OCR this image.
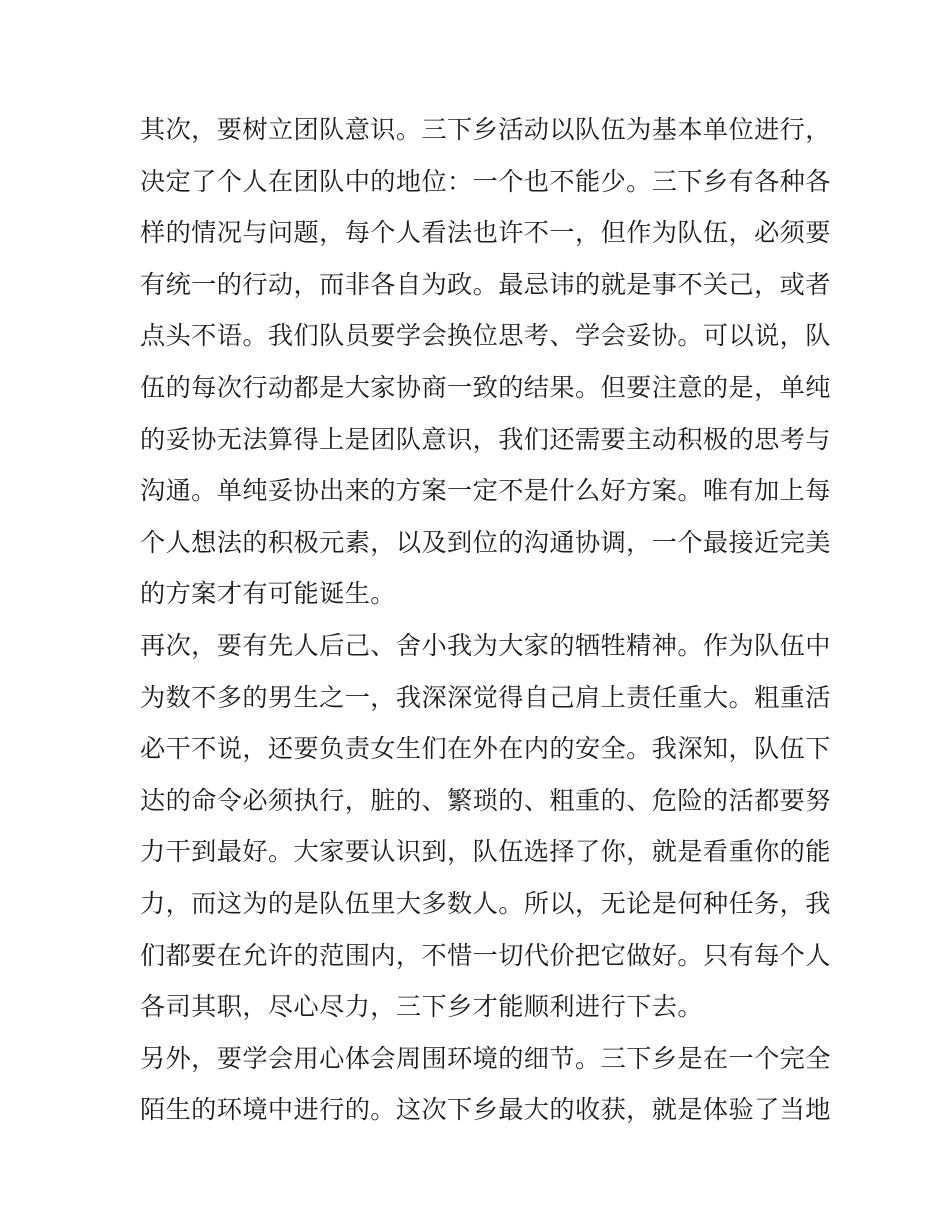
其次，要树立团队意识。三下乡活动以队伍为基本单位进行，
决定了个人在团队中的地位：一个也不能少。三下乡有各种各
样的情况与问题，每个人看法也许不一，但作为队伍，必须要
有统一的行动，而非各自为政。最忌讳的就是事不关己，或者
点头不语。我们队员要学会换位思考、学会妥协。可以说，队
伍的每次行动都是大家协商一致的结果。但要注意的是，单纯
的妥协无法算得上是团队意识，我们还需要主动积极的思考与
沟通。单纯妥协出来的方案一定不是什么好方案。唯有加上每
个人想法的积极元素，以及到位的沟通协调，一个最接近完美
的方案才有可能诞生。
再次，要有先人后己、舍小我为大家的牺牲精神。作为队伍中
为数不多的男生之一，我深深觉得自己肩上责任重大。粗重活
必干不说，还要负责女生们在外在内的安全。我深知，队伍下
达的命令必须执行，脏的、繁琐的、粗重的、危险的活都要努
力干到最好。大家要认识到，队伍选择了你，就是看重你的能
力，而这为的是队伍里大多数人。所以，无论是何种任务，我
们都要在允许的范围内，不惜一切代价把它做好。只有每个人
各司其职，尽心尽力，三下乡才能顺利进行下去。
另外，要学会用心体会周围环境的细节。三下乡是在一个完全
陌生的环境中进行的。这次下乡最大的收获，就是体验了当地
